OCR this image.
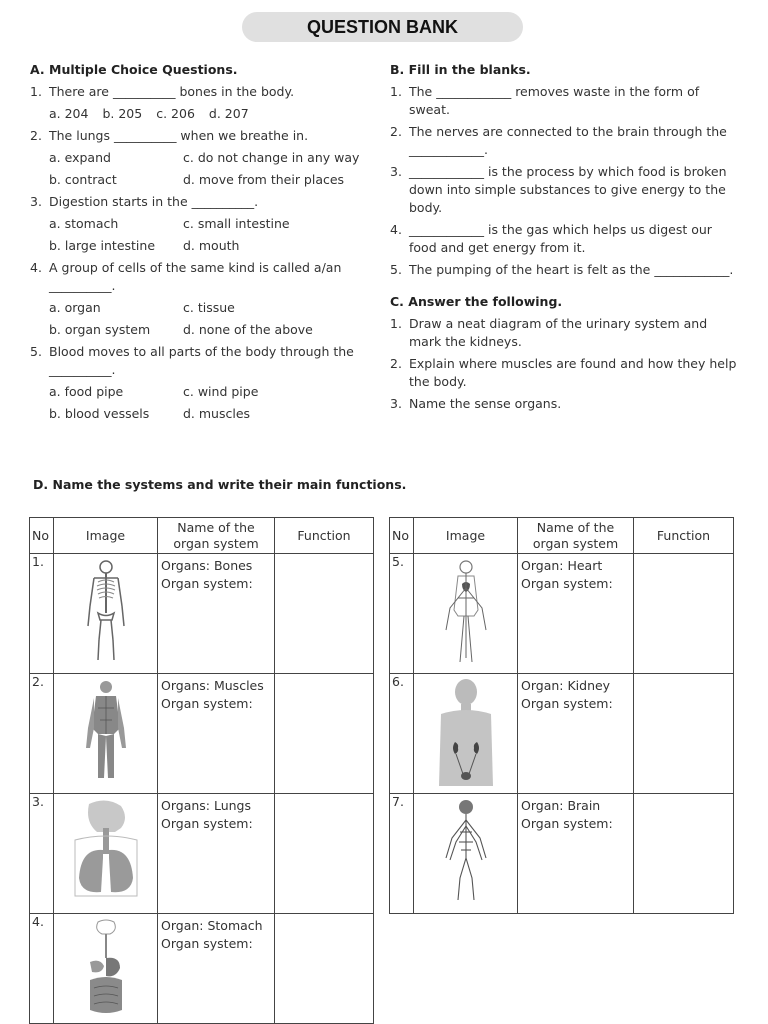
QUESTION BANK
A. Multiple Choice Questions.
1. There are __________ bones in the body.
a. 204 b. 205 c. 206 d. 207
2. The lungs __________ when we breathe in.
a. expand	c. do not change in any way
b. contract	d. move from their places
3. Digestion starts in the __________.
a. stomach	c. small intestine
b. large intestine	d. mouth
4. A group of cells of the same kind is called a/an __________.
a. organ	c. tissue
b. organ system	d. none of the above
5. Blood moves to all parts of the body through the __________.
a. food pipe	c. wind pipe
b. blood vessels	d. muscles
B. Fill in the blanks.
1. The ____________ removes waste in the form of sweat.
2. The nerves are connected to the brain through the ____________.
3. ____________ is the process by which food is broken down into simple substances to give energy to the body.
4. ____________ is the gas which helps us digest our food and get energy from it.
5. The pumping of the heart is felt as the ____________.
C. Answer the following.
1. Draw a neat diagram of the urinary system and mark the kidneys.
2. Explain where muscles are found and how they help the body.
3. Name the sense organs.
D. Name the systems and write their main functions.
No	Image	Name of the organ system	Function
1.		Organs: Bones
Organ system:	

2.		Organs: Muscles
Organ system:	

3.		Organs: Lungs
Organ system:	

4.		Organ: Stomach
Organ system:	

No	Image	Name of the organ system	Function
5.		Organ: Heart
Organ system:	

6.		Organ: Kidney
Organ system:	

7.		Organ: Brain
Organ system:	
